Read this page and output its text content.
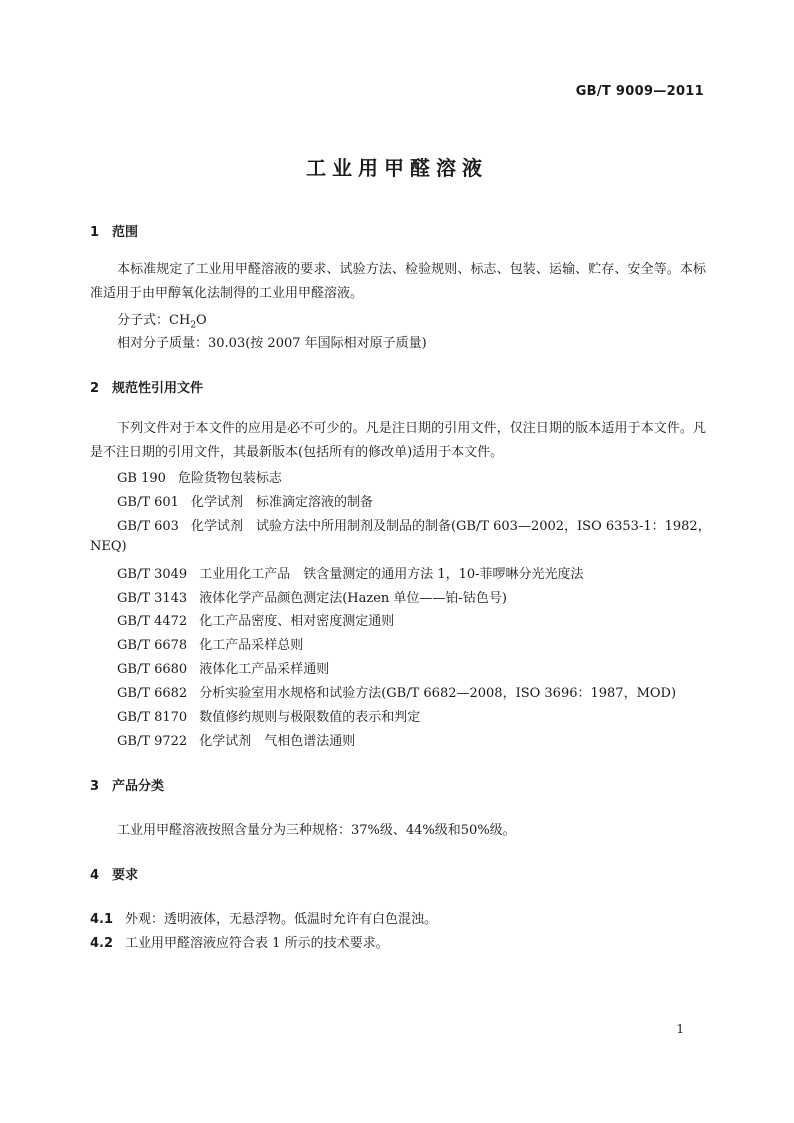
GB/T 9009—2011
工业用甲醛溶液
1 范围
本标准规定了工业用甲醛溶液的要求、试验方法、检验规则、标志、包装、运输、贮存、安全等。本标准适用于由甲醇氧化法制得的工业用甲醛溶液。
分子式：$CH_2O$
相对分子质量：30.03(按 2007 年国际相对原子质量)
2 规范性引用文件
下列文件对于本文件的应用是必不可少的。凡是注日期的引用文件，仅注日期的版本适用于本文件。凡是不注日期的引用文件，其最新版本(包括所有的修改单)适用于本文件。
GB 190 危险货物包装标志
GB/T 601 化学试剂　标准滴定溶液的制备
GB/T 603 化学试剂　试验方法中所用制剂及制品的制备(GB/T 603—2002，ISO 6353-1：1982，
NEQ)
GB/T 3049 工业用化工产品　铁含量测定的通用方法 1，10-菲啰啉分光光度法
GB/T 3143 液体化学产品颜色测定法(Hazen 单位——铂-钴色号)
GB/T 4472 化工产品密度、相对密度测定通则
GB/T 6678 化工产品采样总则
GB/T 6680 液体化工产品采样通则
GB/T 6682 分析实验室用水规格和试验方法(GB/T 6682—2008，ISO 3696：1987，MOD)
GB/T 8170 数值修约规则与极限数值的表示和判定
GB/T 9722 化学试剂　气相色谱法通则
3 产品分类
工业用甲醛溶液按照含量分为三种规格：37%级、44%级和50%级。
4 要求
4.1 外观：透明液体，无悬浮物。低温时允许有白色混浊。
4.2 工业用甲醛溶液应符合表 1 所示的技术要求。
1
